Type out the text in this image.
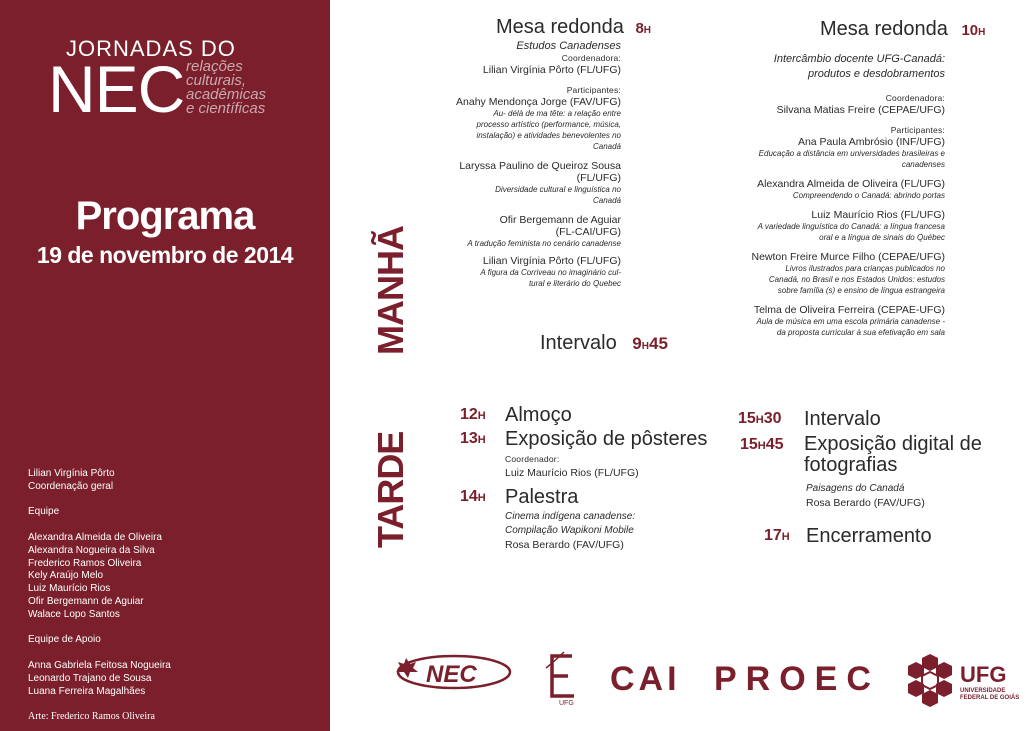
JORNADAS DO
NEC relações
culturais,
acadêmicas
e científicas
Programa
19 de novembro de 2014
Lilian Virgínia Pôrto
Coordenação geral
Equipe
Alexandra Almeida de Oliveira
Alexandra Nogueira da Silva
Frederico Ramos Oliveira
Kely Araújo Melo
Luiz Maurício Rios
Ofir Bergemann de Aguiar
Walace Lopo Santos
Equipe de Apoio
Anna Gabriela Feitosa Nogueira
Leonardo Trajano de Sousa
Luana Ferreira Magalhães
Arte: Frederico Ramos Oliveira
MANHÃ
TARDE
Mesa redonda 8H
Estudos Canadenses
Coordenadora:
Lilian Virgínia Pôrto (FL/UFG)
Participantes:
Anahy Mendonça Jorge (FAV/UFG)
Au- délà de ma tête: a relação entre
processo artístico (performance, música,
instalação) e atividades benevolentes no
Canadá
Laryssa Paulino de Queiroz Sousa
(FL/UFG)
Diversidade cultural e linguística no
Canadá
Ofir Bergemann de Aguiar
(FL-CAI/UFG)
A tradução feminista no cenário canadense
Lilian Virgínia Pôrto (FL/UFG)
A figura da Corriveau no imaginário cul-
tural e literário do Quebec
Intervalo 9H45
Mesa redonda 10H
Intercâmbio docente UFG-Canadá:
produtos e desdobramentos
Coordenadora:
Silvana Matias Freire (CEPAE/UFG)
Participantes:
Ana Paula Ambrósio (INF/UFG)
Educação a distância em universidades brasileiras e
canadenses
Alexandra Almeida de Oliveira (FL/UFG)
Compreendendo o Canadá: abrindo portas
Luiz Maurício Rios (FL/UFG)
A variedade linguística do Canadá: a língua francesa
oral e a língua de sinais do Québec
Newton Freire Murce Filho (CEPAE/UFG)
Livros ilustrados para crianças publicados no
Canadá, no Brasil e nos Estados Unidos: estudos
sobre família (s) e ensino de língua estrangeira
Telma de Oliveira Ferreira (CEPAE-UFG)
Aula de música em uma escola primária canadense -
da proposta curricular à sua efetivação em sala
12H Almoço
13H Exposição de pôsteres
Coordenador:
Luiz Maurício Rios (FL/UFG)
14H Palestra
Cinema indígena canadense:
Compilação Wapikoni Mobile
Rosa Berardo (FAV/UFG)
15H30 Intervalo
15H45 Exposição digital de
fotografias
Paisagens do Canadá
Rosa Berardo (FAV/UFG)
17H Encerramento
NEC
UFG
CAI PROEC	UFG
UNIVERSIDADE
FEDERAL DE GOIÁS
